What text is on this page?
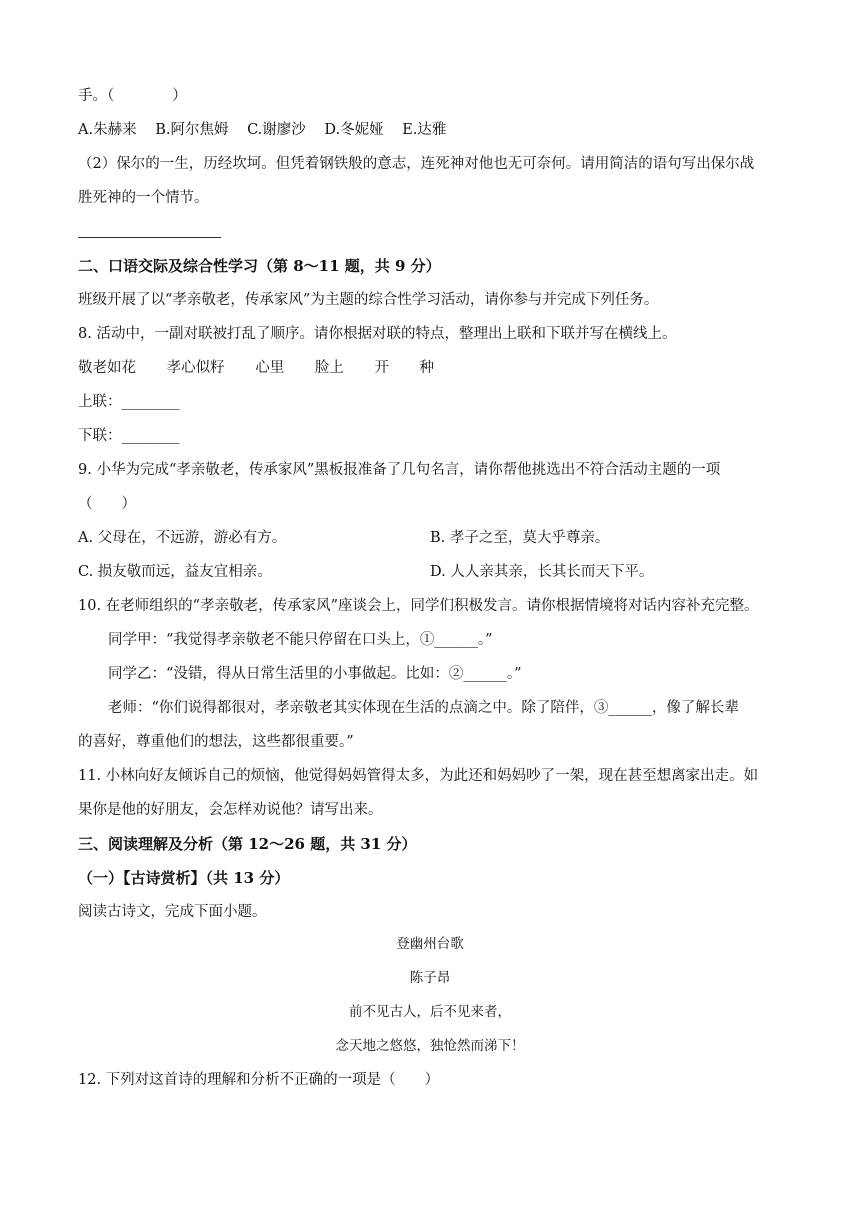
手。（　　　　）
A.朱赫来 B.阿尔焦姆 C.谢廖沙 D.冬妮娅 E.达雅
（2）保尔的一生，历经坎坷。但凭着钢铁般的意志，连死神对他也无可奈何。请用简洁的语句写出保尔战
胜死神的一个情节。
二、口语交际及综合性学习（第 8～11 题，共 9 分）
班级开展了以“孝亲敬老，传承家风”为主题的综合性学习活动，请你参与并完成下列任务。
8. 活动中，一副对联被打乱了顺序。请你根据对联的特点，整理出上联和下联并写在横线上。
敬老如花 孝心似籽 心里 脸上 开 种
上联：________
下联：________
9. 小华为完成“孝亲敬老，传承家风”黑板报准备了几句名言，请你帮他挑选出不符合活动主题的一项
（　　）
A. 父母在，不远游，游必有方。	B. 孝子之至，莫大乎尊亲。
C. 损友敬而远，益友宜相亲。	D. 人人亲其亲，长其长而天下平。
10. 在老师组织的“孝亲敬老，传承家风”座谈会上，同学们积极发言。请你根据情境将对话内容补充完整。
同学甲：“我觉得孝亲敬老不能只停留在口头上，①______。”
同学乙：“没错，得从日常生活里的小事做起。比如：②______。”
老师：“你们说得都很对，孝亲敬老其实体现在生活的点滴之中。除了陪伴，③______，像了解长辈
的喜好，尊重他们的想法，这些都很重要。”
11. 小林向好友倾诉自己的烦恼，他觉得妈妈管得太多，为此还和妈妈吵了一架，现在甚至想离家出走。如
果你是他的好朋友，会怎样劝说他？请写出来。
三、阅读理解及分析（第 12～26 题，共 31 分）
（一）【古诗赏析】（共 13 分）
阅读古诗文，完成下面小题。
登幽州台歌
陈子昂
前不见古人，后不见来者，
念天地之悠悠，独怆然而涕下！
12. 下列对这首诗的理解和分析不正确的一项是（　　）
